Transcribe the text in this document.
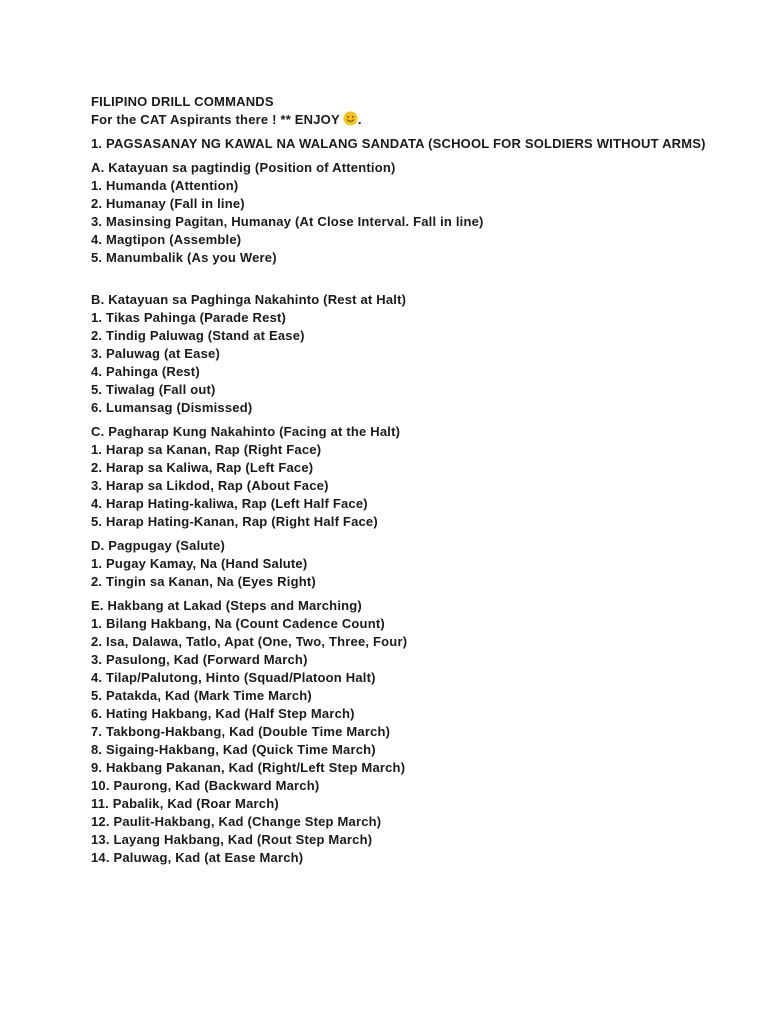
FILIPINO DRILL COMMANDS

For the CAT Aspirants there ! ** ENJOY .

1. PAGSASANAY NG KAWAL NA WALANG SANDATA (SCHOOL FOR SOLDIERS WITHOUT ARMS)

A. Katayuan sa pagtindig (Position of Attention)

1. Humanda (Attention)
2. Humanay (Fall in line)
3. Masinsing Pagitan, Humanay (At Close Interval. Fall in line)
4. Magtipon (Assemble)
5. Manumbalik (As you Were)

B. Katayuan sa Paghinga Nakahinto (Rest at Halt)

1. Tikas Pahinga (Parade Rest)
2. Tindig Paluwag (Stand at Ease)
3. Paluwag (at Ease)
4. Pahinga (Rest)
5. Tiwalag (Fall out)
6. Lumansag (Dismissed)

C. Pagharap Kung Nakahinto (Facing at the Halt)

1. Harap sa Kanan, Rap (Right Face)
2. Harap sa Kaliwa, Rap (Left Face)
3. Harap sa Likdod, Rap (About Face)
4. Harap Hating-kaliwa, Rap (Left Half Face)
5. Harap Hating-Kanan, Rap (Right Half Face)

D. Pagpugay (Salute)

1. Pugay Kamay, Na (Hand Salute)
2. Tingin sa Kanan, Na (Eyes Right)

E. Hakbang at Lakad (Steps and Marching)

1. Bilang Hakbang, Na (Count Cadence Count)
2. Isa, Dalawa, Tatlo, Apat (One, Two, Three, Four)
3. Pasulong, Kad (Forward March)
4. Tilap/Palutong, Hinto (Squad/Platoon Halt)
5. Patakda, Kad (Mark Time March)
6. Hating Hakbang, Kad (Half Step March)
7. Takbong-Hakbang, Kad (Double Time March)
8. Sigaing-Hakbang, Kad (Quick Time March)
9. Hakbang Pakanan, Kad (Right/Left Step March)
10. Paurong, Kad (Backward March)
11. Pabalik, Kad (Roar March)
12. Paulit-Hakbang, Kad (Change Step March)
13. Layang Hakbang, Kad (Rout Step March)
14. Paluwag, Kad (at Ease March)
